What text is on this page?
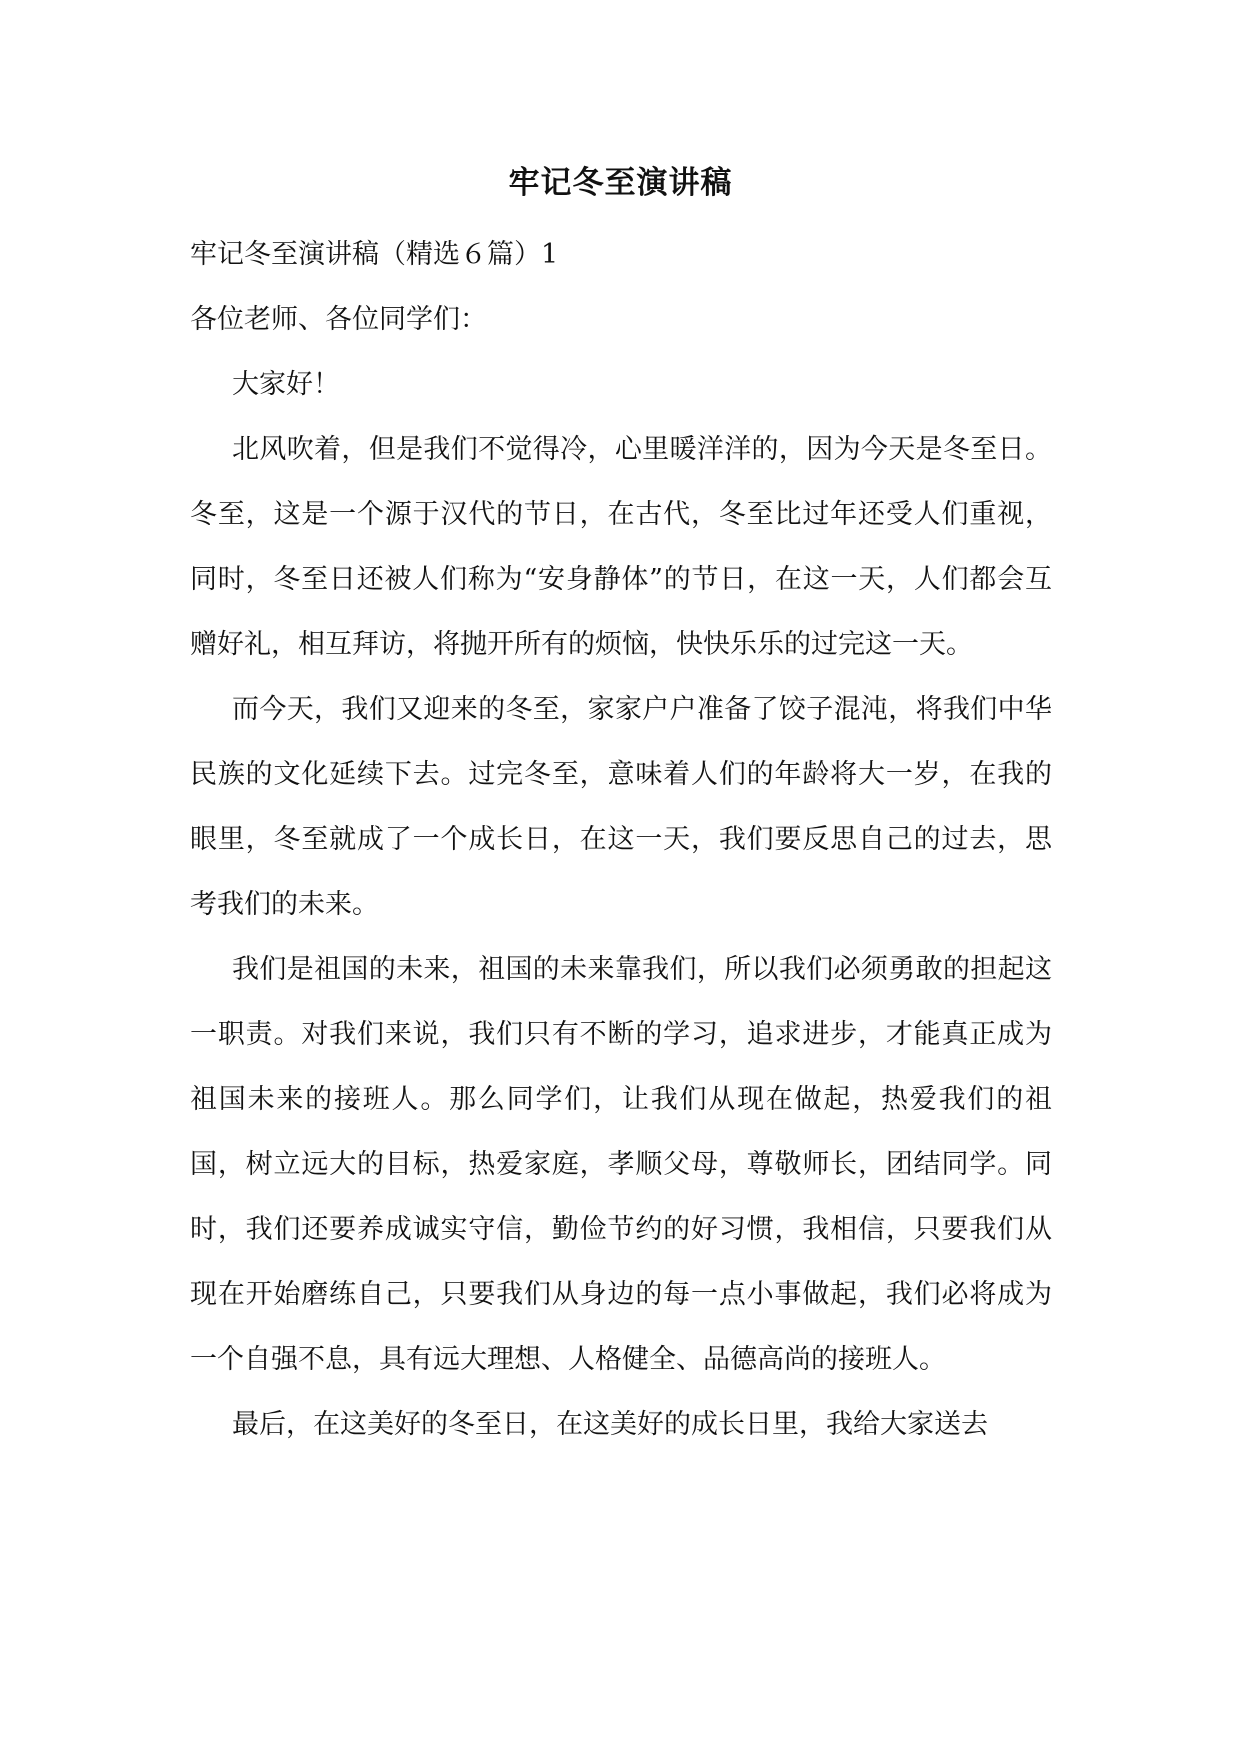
牢记冬至演讲稿

牢记冬至演讲稿（精选６篇）1

各位老师、各位同学们：

大家好！

北风吹着，但是我们不觉得冷，心里暖洋洋的，因为今天是冬至日。冬至，这是一个源于汉代的节日，在古代，冬至比过年还受人们重视，同时，冬至日还被人们称为“安身静体”的节日，在这一天，人们都会互赠好礼，相互拜访，将抛开所有的烦恼，快快乐乐的过完这一天。

而今天，我们又迎来的冬至，家家户户准备了饺子混沌，将我们中华民族的文化延续下去。过完冬至，意味着人们的年龄将大一岁，在我的眼里，冬至就成了一个成长日，在这一天，我们要反思自己的过去，思考我们的未来。

我们是祖国的未来，祖国的未来靠我们，所以我们必须勇敢的担起这一职责。对我们来说，我们只有不断的学习，追求进步，才能真正成为祖国未来的接班人。那么同学们，让我们从现在做起，热爱我们的祖国，树立远大的目标，热爱家庭，孝顺父母，尊敬师长，团结同学。同时，我们还要养成诚实守信，勤俭节约的好习惯，我相信，只要我们从现在开始磨练自己，只要我们从身边的每一点小事做起，我们必将成为一个自强不息，具有远大理想、人格健全、品德高尚的接班人。

最后，在这美好的冬至日，在这美好的成长日里，我给大家送去
